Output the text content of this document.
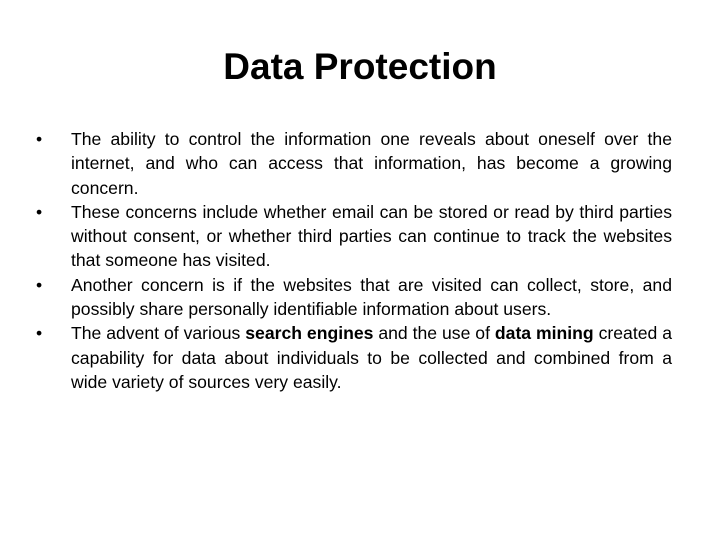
Data Protection
•	The ability to control the information one reveals about oneself over the internet, and who can access that information, has become a growing concern.
•	These concerns include whether email can be stored or read by third parties without consent, or whether third parties can continue to track the websites that someone has visited.
•	Another concern is if the websites that are visited can collect, store, and possibly share personally identifiable information about users.
•	The advent of various search engines and the use of data mining created a capability for data about individuals to be collected and combined from a wide variety of sources very easily.
